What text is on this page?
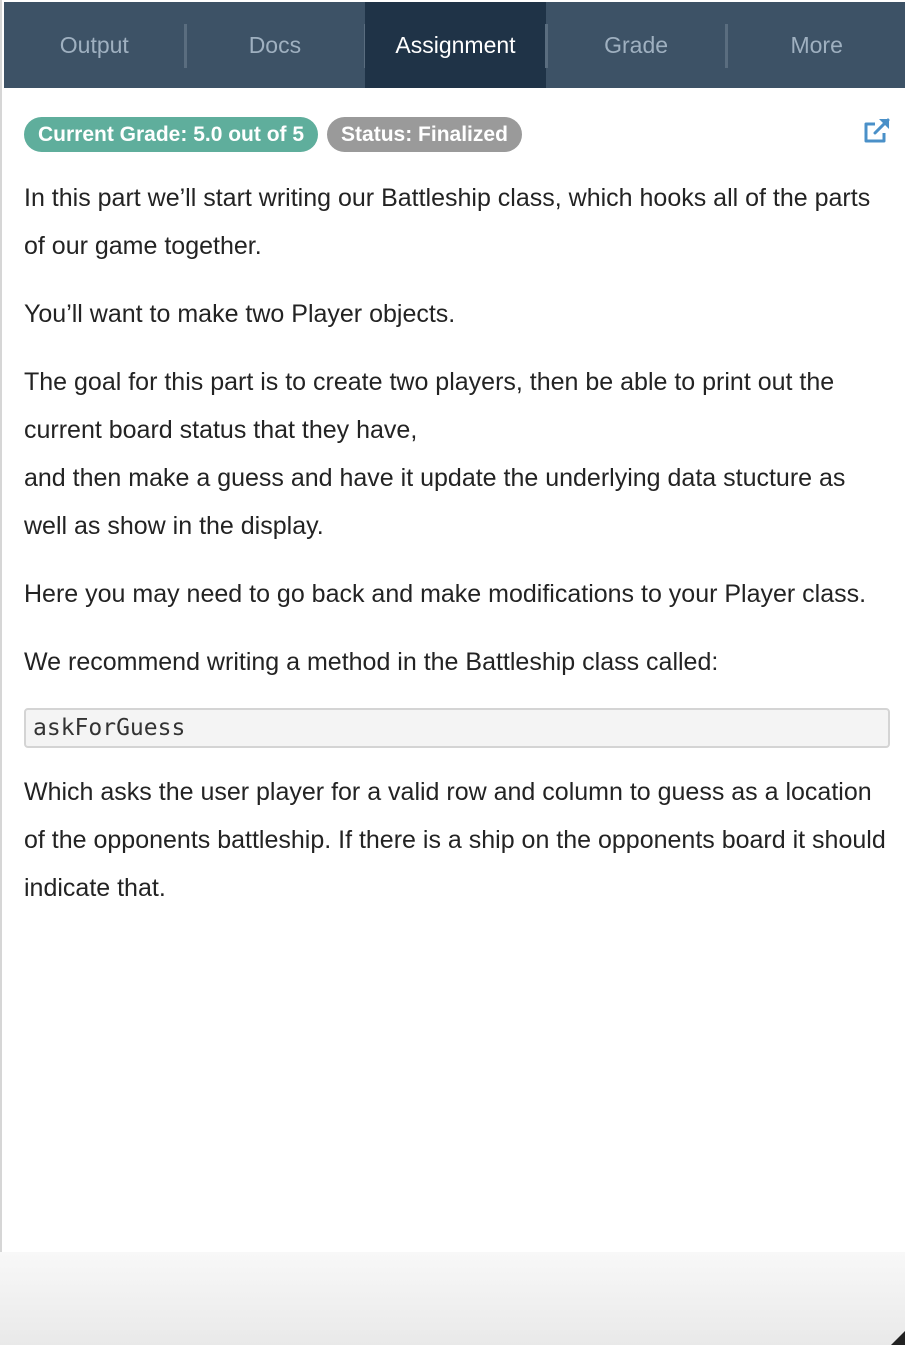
Output	Docs	Assignment	Grade	More
Current Grade: 5.0 out of 5	Status: Finalized

In this part we’ll start writing our Battleship class, which hooks all of the parts of our game together.

You’ll want to make two Player objects.

The goal for this part is to create two players, then be able to print out the current board status that they have,

and then make a guess and have it update the underlying data stucture as well as show in the display.

Here you may need to go back and make modifications to your Player class.

We recommend writing a method in the Battleship class called:

askForGuess

Which asks the user player for a valid row and column to guess as a location of the opponents battleship. If there is a ship on the opponents board it should indicate that.
